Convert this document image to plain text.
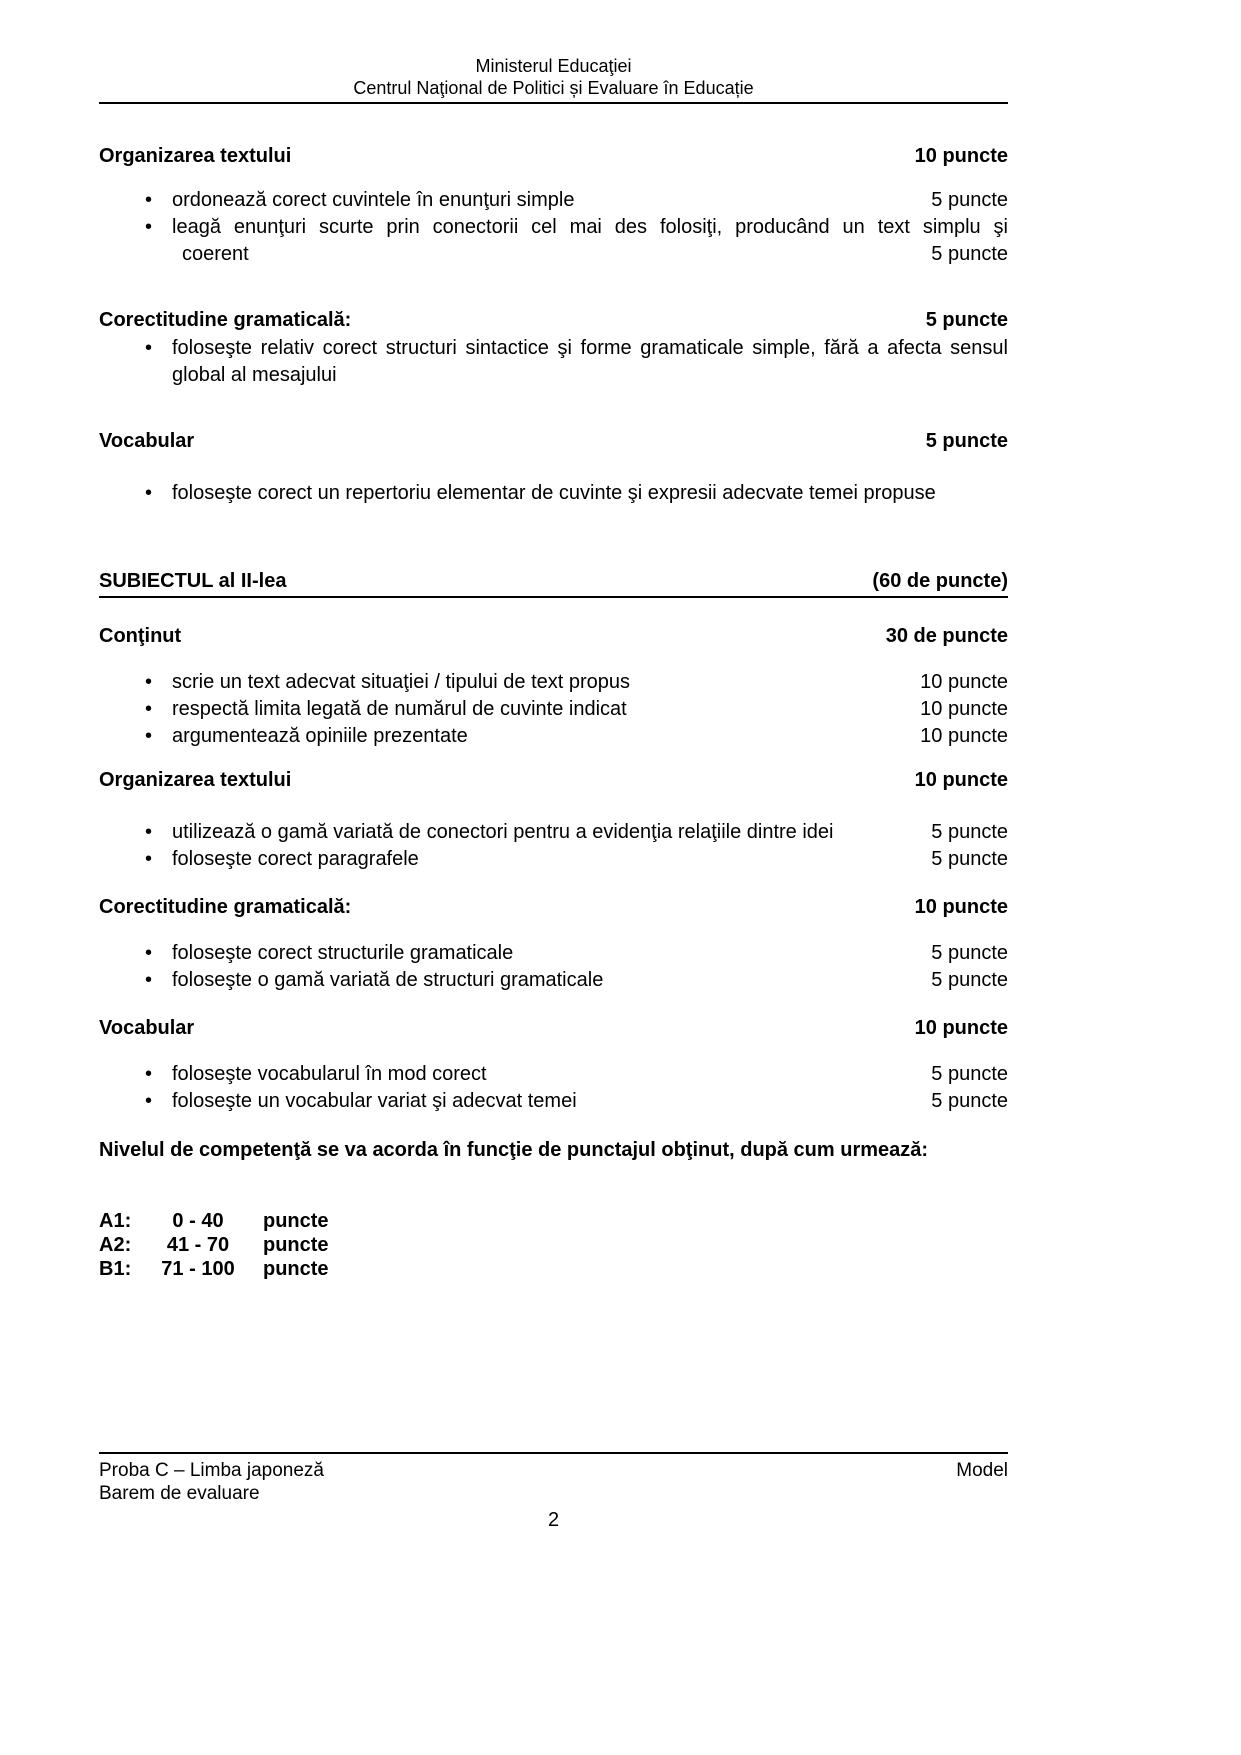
Ministerul Educaţiei
Centrul Naţional de Politici și Evaluare în Educație
Organizarea textului	10 puncte
•
ordonează corect cuvintele în enunţuri simple	5 puncte
•
leagă enunţuri scurte prin conectorii cel mai des folosiţi, producând un text simplu şi
coerent	5 puncte
Corectitudine gramaticală:	5 puncte
•
foloseşte relativ corect structuri sintactice şi forme gramaticale simple, fără a afecta sensul global al mesajului
Vocabular	5 puncte
•
foloseşte corect un repertoriu elementar de cuvinte şi expresii adecvate temei propuse
SUBIECTUL al II-lea	(60 de puncte)
Conţinut	30 de puncte
•
scrie un text adecvat situaţiei / tipului de text propus	10 puncte
•
respectă limita legată de numărul de cuvinte indicat	10 puncte
•
argumentează opiniile prezentate	10 puncte
Organizarea textului	10 puncte
•
utilizează o gamă variată de conectori pentru a evidenţia relaţiile dintre idei	5 puncte
•
foloseşte corect paragrafele	5 puncte
Corectitudine gramaticală:	10 puncte
•
foloseşte corect structurile gramaticale	5 puncte
•
foloseşte o gamă variată de structuri gramaticale	5 puncte
Vocabular	10 puncte
•
foloseşte vocabularul în mod corect	5 puncte
•
foloseşte un vocabular variat şi adecvat temei	5 puncte
Nivelul de competenţă se va acorda în funcţie de punctajul obţinut, după cum urmează:
A1:	0 - 40	puncte
A2:	41 - 70	puncte
B1:	71 - 100	puncte
Proba C – Limba japoneză	Model
Barem de evaluare
2
